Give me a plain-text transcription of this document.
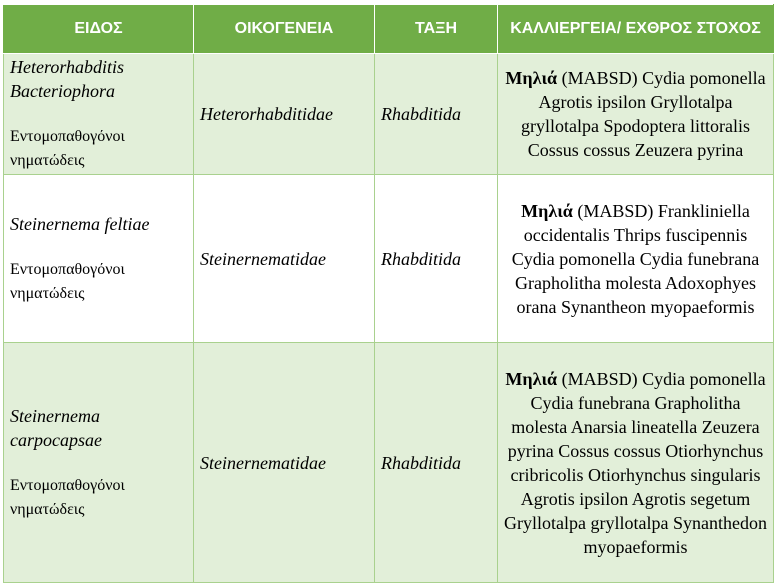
ΕΙΔΟΣ	ΟΙΚΟΓΕΝΕΙΑ	ΤΑΞΗ	ΚΑΛΛΙΕΡΓΕΙΑ/ ΕΧΘΡΟΣ ΣΤΟΧΟΣ

Heterorhabditis Bacteriophora
Εντομοπαθογόνοι νηματώδεις	Heterorhabditidae	Rhabditida	Μηλιά (MABSD) Cydia pomonella Agrotis ipsilon Gryllotalpa gryllotalpa Spodoptera littoralis Cossus cossus Zeuzera pyrina

Steinernema feltiae
Εντομοπαθογόνοι νηματώδεις	Steinernematidae	Rhabditida	Μηλιά (MABSD) Frankliniella occidentalis Thrips fuscipennis Cydia pomonella Cydia funebrana Grapholitha molesta Adoxophyes orana Synantheon myopaeformis

Steinernema carpocapsae
Εντομοπαθογόνοι νηματώδεις	Steinernematidae	Rhabditida	Μηλιά (MABSD) Cydia pomonella Cydia funebrana Grapholitha molesta Anarsia lineatella Zeuzera pyrina Cossus cossus Otiorhynchus cribricolis Otiorhynchus singularis Agrotis ipsilon Agrotis segetum Gryllotalpa gryllotalpa Synanthedon myopaeformis
